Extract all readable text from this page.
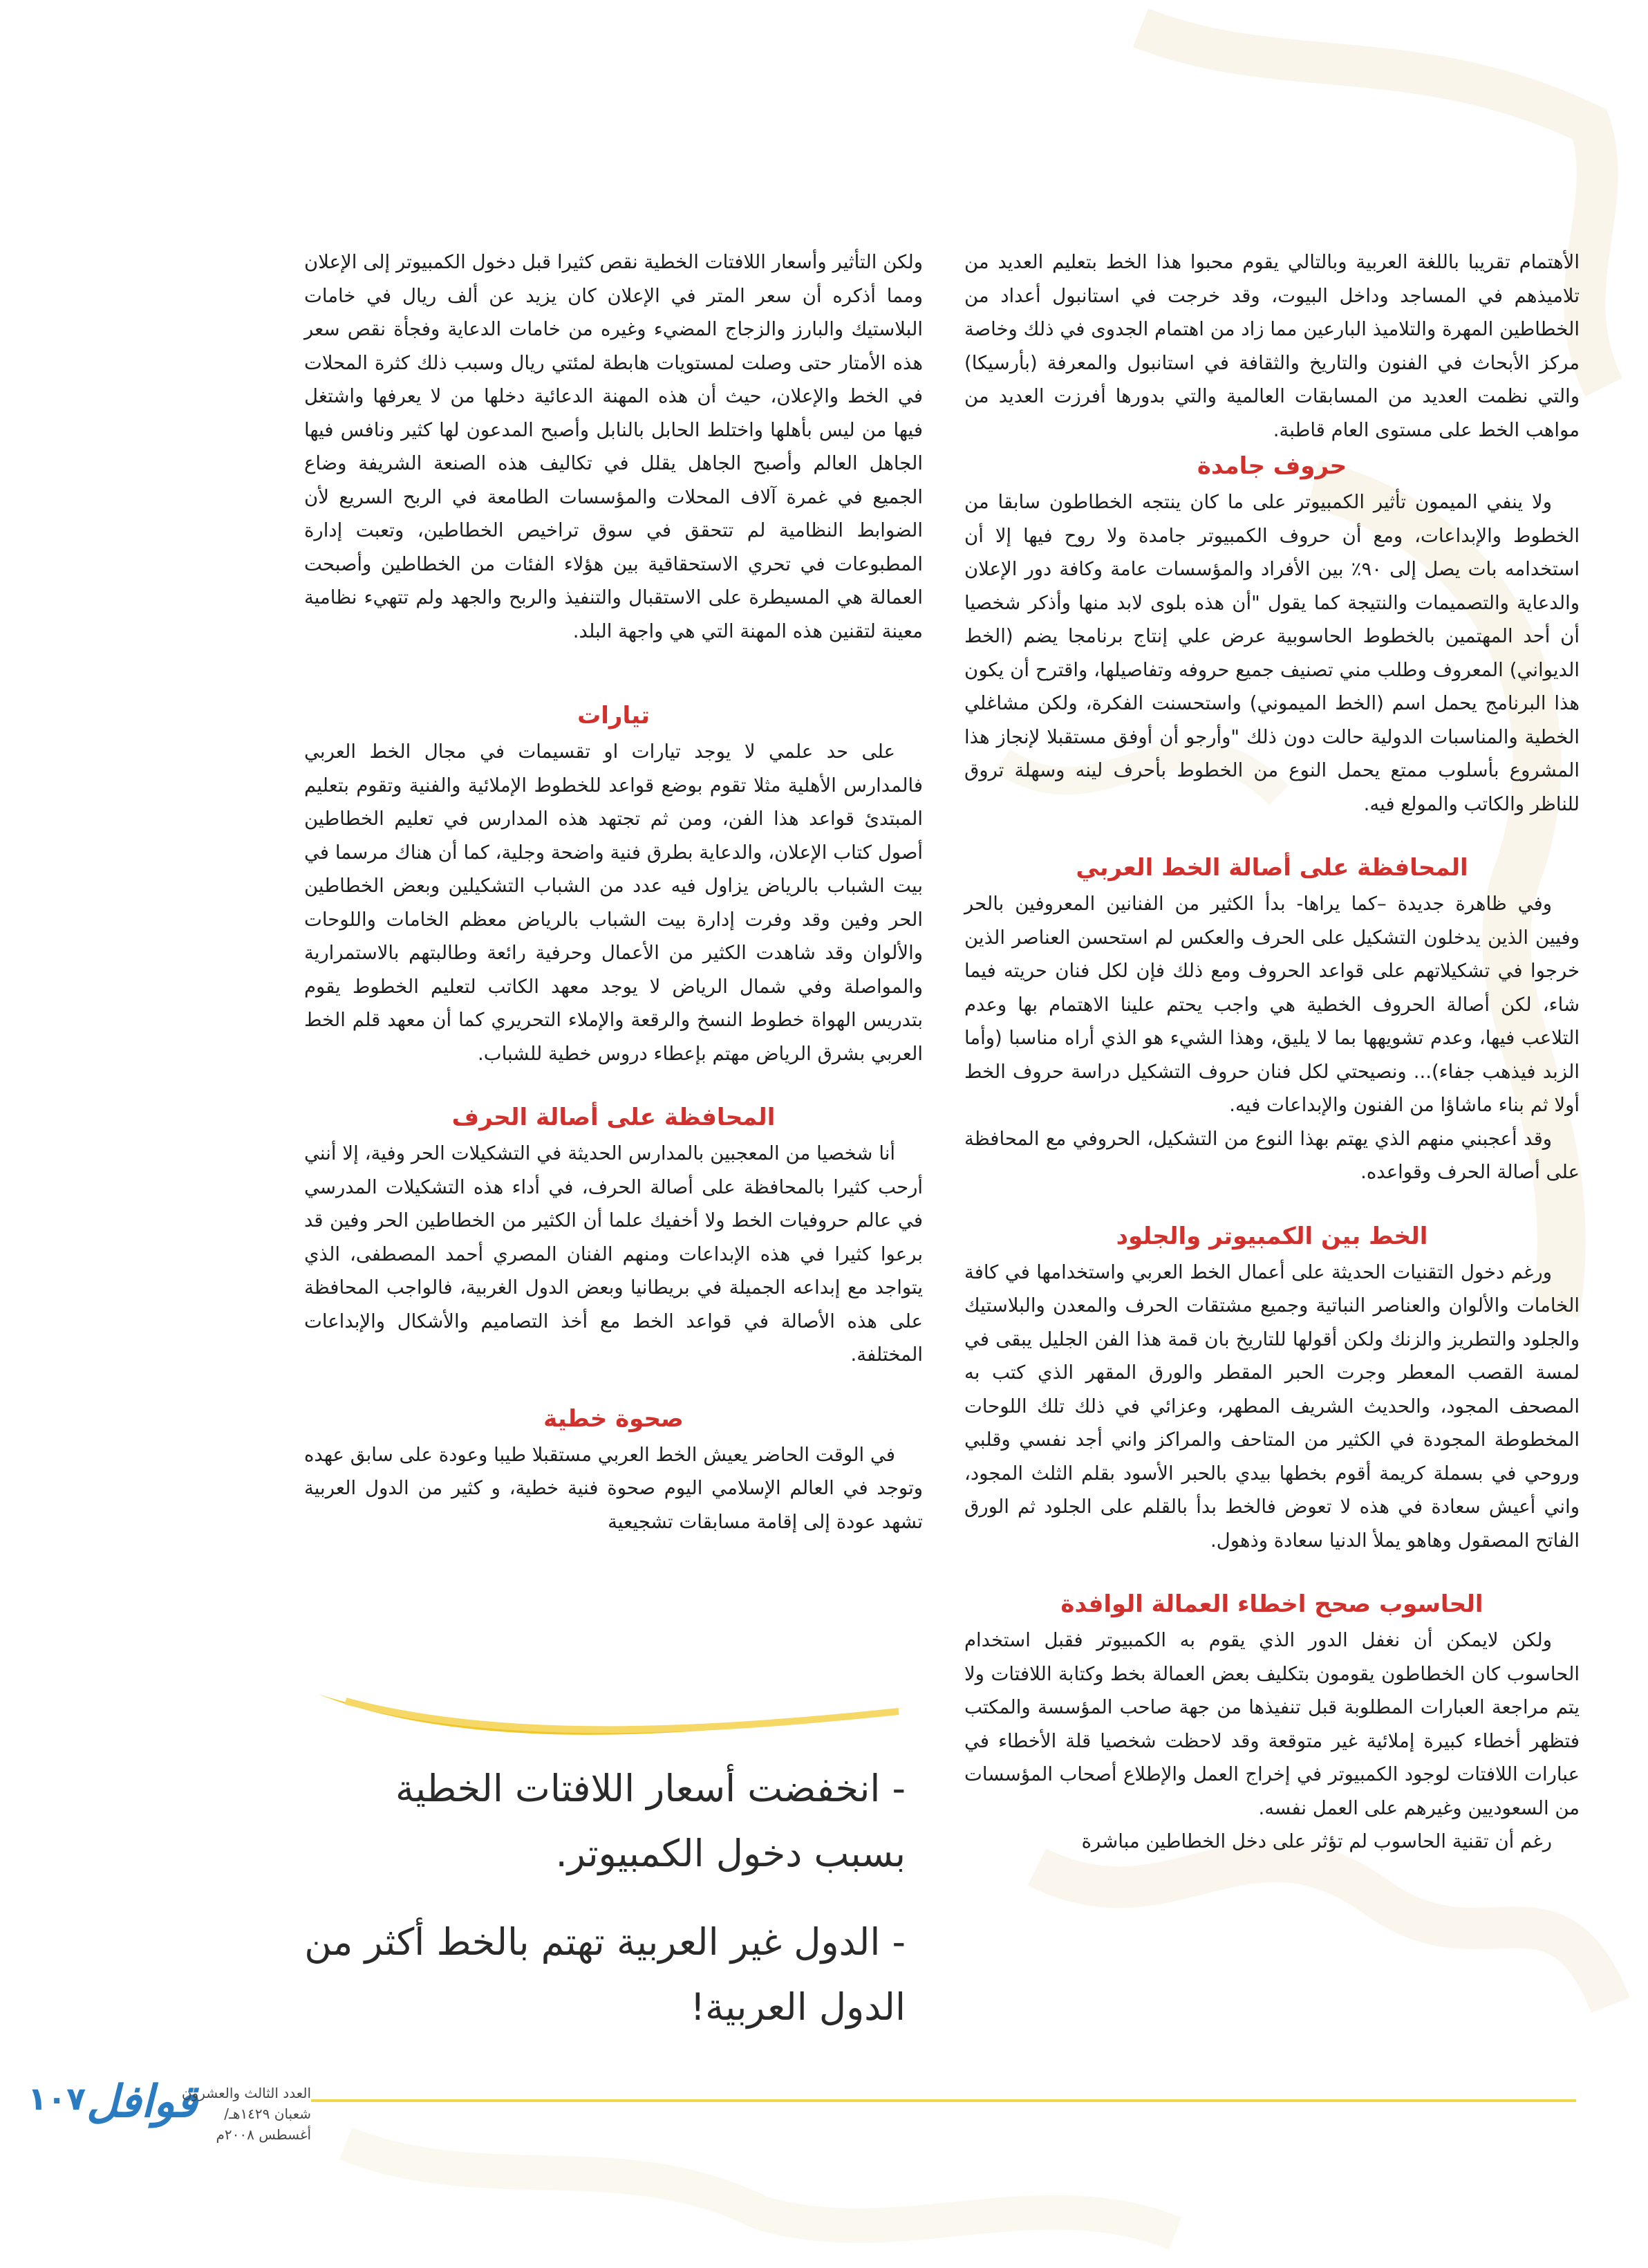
الأهتمام تقريبا باللغة العربية وبالتالي يقوم محبوا هذا الخط بتعليم العديد من تلاميذهم في المساجد وداخل البيوت، وقد خرجت في استانبول أعداد من الخطاطين المهرة والتلاميذ البارعين مما زاد من اهتمام الجدوى في ذلك وخاصة مركز الأبحاث في الفنون والتاريخ والثقافة في استانبول والمعرفة (بأرسيكا) والتي نظمت العديد من المسابقات العالمية والتي بدورها أفرزت العديد من مواهب الخط على مستوى العام قاطبة.

حروف جامدة

ولا ينفي الميمون تأثير الكمبيوتر على ما كان ينتجه الخطاطون سابقا من الخطوط والإبداعات، ومع أن حروف الكمبيوتر جامدة ولا روح فيها إلا أن استخدامه بات يصل إلى ٩٠٪ بين الأفراد والمؤسسات عامة وكافة دور الإعلان والدعاية والتصميمات والنتيجة كما يقول "أن هذه بلوى لابد منها وأذكر شخصيا أن أحد المهتمين بالخطوط الحاسوبية عرض علي إنتاج برنامجا يضم (الخط الديواني) المعروف وطلب مني تصنيف جميع حروفه وتفاصيلها، واقترح أن يكون هذا البرنامج يحمل اسم (الخط الميموني) واستحسنت الفكرة، ولكن مشاغلي الخطية والمناسبات الدولية حالت دون ذلك "وأرجو أن أوفق مستقبلا لإنجاز هذا المشروع بأسلوب ممتع يحمل النوع من الخطوط بأحرف لينه وسهلة تروق للناظر والكاتب والمولع فيه.

المحافظة على أصالة الخط العربي

وفي ظاهرة جديدة –كما يراها- بدأ الكثير من الفنانين المعروفين بالحر وفيين الذين يدخلون التشكيل على الحرف والعكس لم استحسن العناصر الذين خرجوا في تشكيلاتهم على قواعد الحروف ومع ذلك فإن لكل فنان حريته فيما شاء، لكن أصالة الحروف الخطية هي واجب يحتم علينا الاهتمام بها وعدم التلاعب فيها، وعدم تشويهها بما لا يليق، وهذا الشيء هو الذي أراه مناسبا (وأما الزبد فيذهب جفاء)... ونصيحتي لكل فنان حروف التشكيل دراسة حروف الخط أولا ثم بناء ماشاؤا من الفنون والإبداعات فيه.

وقد أعجبني منهم الذي يهتم بهذا النوع من التشكيل، الحروفي مع المحافظة على أصالة الحرف وقواعده.

الخط بين الكمبيوتر والجلود

ورغم دخول التقنيات الحديثة على أعمال الخط العربي واستخدامها في كافة الخامات والألوان والعناصر النباتية وجميع مشتقات الحرف والمعدن والبلاستيك والجلود والتطريز والزنك ولكن أقولها للتاريخ بان قمة هذا الفن الجليل يبقى في لمسة القصب المعطر وجرت الحبر المقطر والورق المقهر الذي كتب به المصحف المجود، والحديث الشريف المطهر، وعزائي في ذلك تلك اللوحات المخطوطة المجودة في الكثير من المتاحف والمراكز واني أجد نفسي وقلبي وروحي في بسملة كريمة أقوم بخطها بيدي بالحبر الأسود بقلم الثلث المجود، واني أعيش سعادة في هذه لا تعوض فالخط بدأ بالقلم على الجلود ثم الورق الفاتح المصقول وهاهو يملأ الدنيا سعادة وذهول.

الحاسوب صحح اخطاء العمالة الوافدة

ولكن لايمكن أن نغفل الدور الذي يقوم به الكمبيوتر فقبل استخدام الحاسوب كان الخطاطون يقومون بتكليف بعض العمالة بخط وكتابة اللافتات ولا يتم مراجعة العبارات المطلوبة قبل تنفيذها من جهة صاحب المؤسسة والمكتب فتظهر أخطاء كبيرة إملائية غير متوقعة وقد لاحظت شخصيا قلة الأخطاء في عبارات اللافتات لوجود الكمبيوتر في إخراج العمل والإطلاع أصحاب المؤسسات من السعوديين وغيرهم على العمل نفسه.

رغم أن تقنية الحاسوب لم تؤثر على دخل الخطاطين مباشرة

ولكن التأثير وأسعار اللافتات الخطية نقص كثيرا قبل دخول الكمبيوتر إلى الإعلان ومما أذكره أن سعر المتر في الإعلان كان يزيد عن ألف ريال في خامات البلاستيك والبارز والزجاج المضيء وغيره من خامات الدعاية وفجأة نقص سعر هذه الأمتار حتى وصلت لمستويات هابطة لمئتي ريال وسبب ذلك كثرة المحلات في الخط والإعلان، حيث أن هذه المهنة الدعائية دخلها من لا يعرفها واشتغل فيها من ليس بأهلها واختلط الحابل بالنابل وأصبح المدعون لها كثير ونافس فيها الجاهل العالم وأصبح الجاهل يقلل في تكاليف هذه الصنعة الشريفة وضاع الجميع في غمرة آلاف المحلات والمؤسسات الطامعة في الربح السريع لأن الضوابط النظامية لم تتحقق في سوق تراخيص الخطاطين، وتعبت إدارة المطبوعات في تحري الاستحقاقية بين هؤلاء الفئات من الخطاطين وأصبحت العمالة هي المسيطرة على الاستقبال والتنفيذ والربح والجهد ولم تتهيء نظامية معينة لتقنين هذه المهنة التي هي واجهة البلد.

تيارات

على حد علمي لا يوجد تيارات او تقسيمات في مجال الخط العربي فالمدارس الأهلية مثلا تقوم بوضع قواعد للخطوط الإملائية والفنية وتقوم بتعليم المبتدئ قواعد هذا الفن، ومن ثم تجتهد هذه المدارس في تعليم الخطاطين أصول كتاب الإعلان، والدعاية بطرق فنية واضحة وجلية، كما أن هناك مرسما في بيت الشباب بالرياض يزاول فيه عدد من الشباب التشكيلين وبعض الخطاطين الحر وفين وقد وفرت إدارة بيت الشباب بالرياض معظم الخامات واللوحات والألوان وقد شاهدت الكثير من الأعمال وحرفية رائعة وطالبتهم بالاستمرارية والمواصلة وفي شمال الرياض لا يوجد معهد الكاتب لتعليم الخطوط يقوم بتدريس الهواة خطوط النسخ والرقعة والإملاء التحريري كما أن معهد قلم الخط العربي بشرق الرياض مهتم بإعطاء دروس خطية للشباب.

المحافظة على أصالة الحرف

أنا شخصيا من المعجبين بالمدارس الحديثة في التشكيلات الحر وفية، إلا أنني أرحب كثيرا بالمحافظة على أصالة الحرف، في أداء هذه التشكيلات المدرسي في عالم حروفيات الخط ولا أخفيك علما أن الكثير من الخطاطين الحر وفين قد برعوا كثيرا في هذه الإبداعات ومنهم الفنان المصري أحمد المصطفى، الذي يتواجد مع إبداعه الجميلة في بريطانيا وبعض الدول الغربية، فالواجب المحافظة على هذه الأصالة في قواعد الخط مع أخذ التصاميم والأشكال والإبداعات المختلفة.

صحوة خطية

في الوقت الحاضر يعيش الخط العربي مستقبلا طيبا وعودة على سابق عهده وتوجد في العالم الإسلامي اليوم صحوة فنية خطية، و كثير من الدول العربية تشهد عودة إلى إقامة مسابقات تشجيعية

- انخفضت أسعار اللافتات الخطية بسبب دخول الكمبيوتر.

- الدول غير العربية تهتم بالخط أكثر من الدول العربية!

١٠٧ قوافل
العدد الثالث والعشرون
شعبان ١٤٢٩هـ/ أغسطس ٢٠٠٨م
